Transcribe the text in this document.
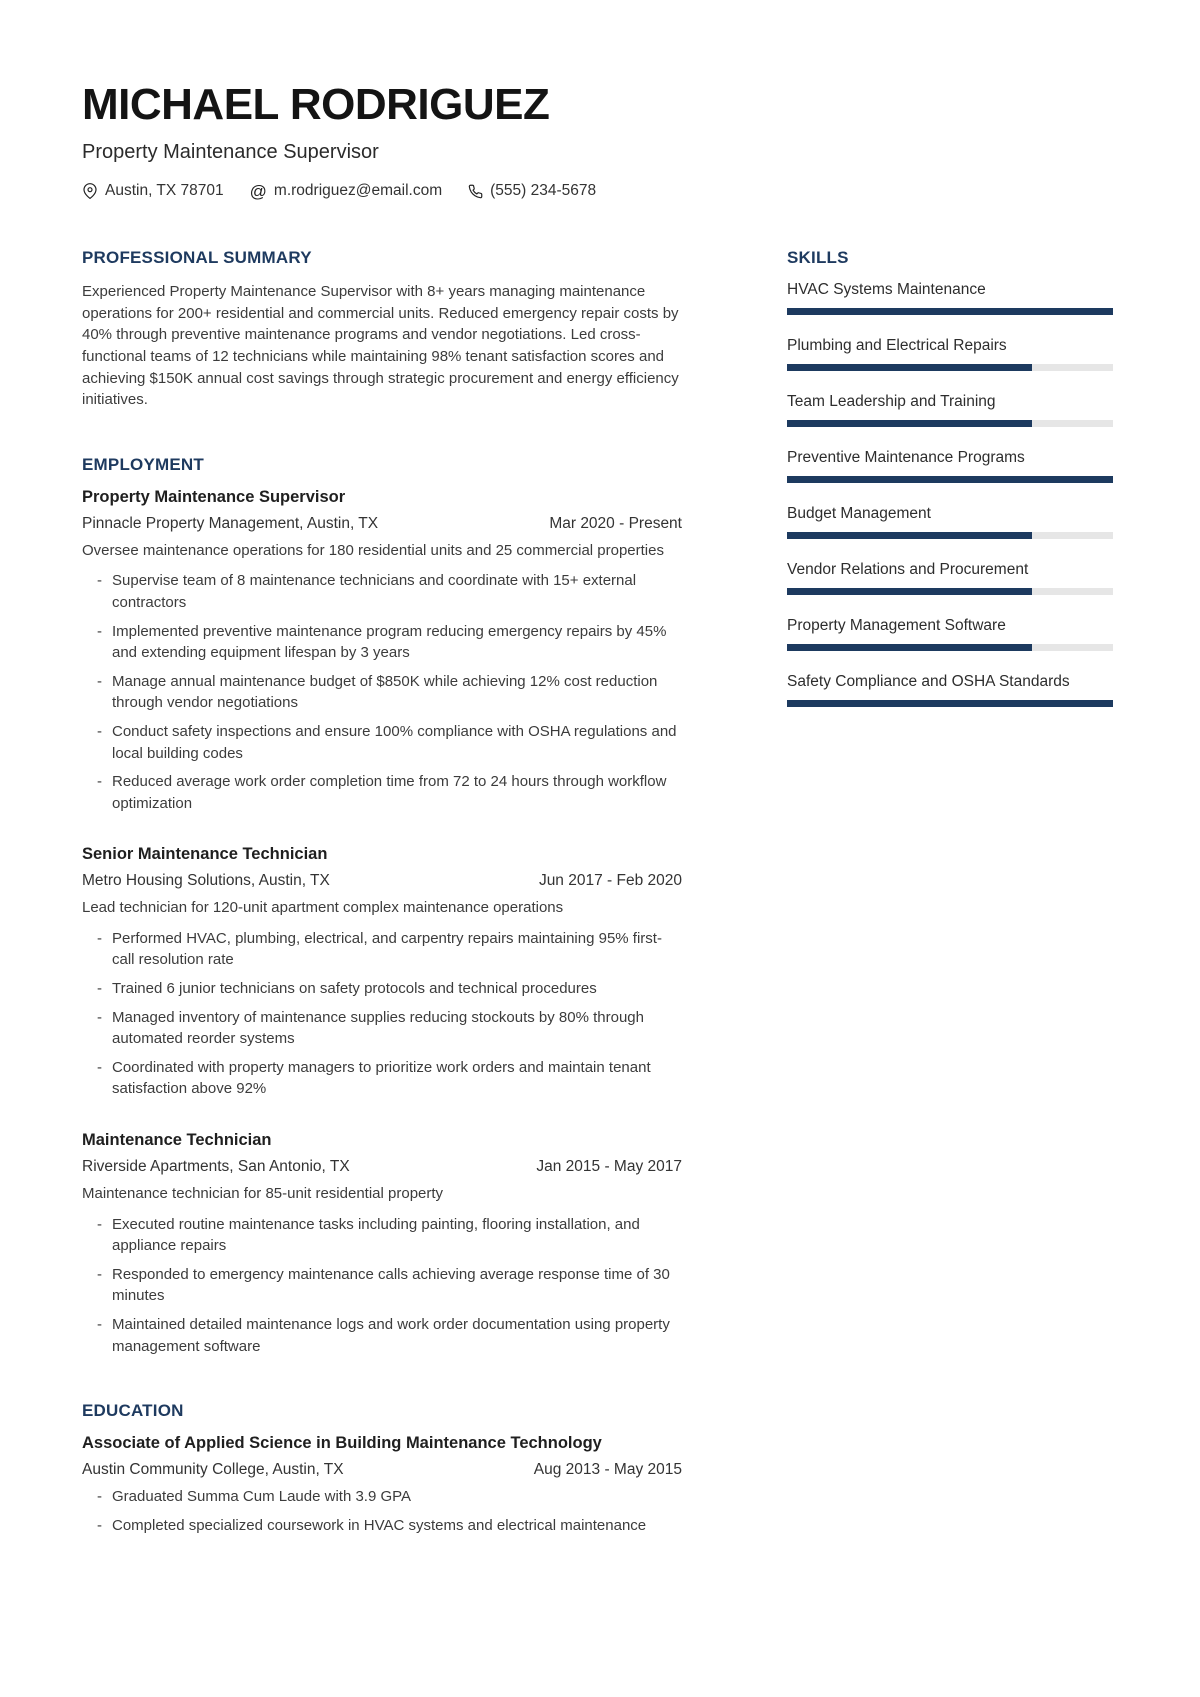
MICHAEL RODRIGUEZ
Property Maintenance Supervisor
Austin, TX 78701 @ m.rodriguez@email.com	(555) 234-5678
PROFESSIONAL SUMMARY

Experienced Property Maintenance Supervisor with 8+ years managing maintenance operations for 200+ residential and commercial units. Reduced emergency repair costs by 40% through preventive maintenance programs and vendor negotiations. Led cross-functional teams of 12 technicians while maintaining 98% tenant satisfaction scores and achieving $150K annual cost savings through strategic procurement and energy efficiency initiatives.

EMPLOYMENT
Property Maintenance Supervisor
Pinnacle Property Management, Austin, TX	Mar 2020 - Present

Oversee maintenance operations for 180 residential units and 25 commercial properties

- Supervise team of 8 maintenance technicians and coordinate with 15+ external contractors
- Implemented preventive maintenance program reducing emergency repairs by 45% and extending equipment lifespan by 3 years
- Manage annual maintenance budget of $850K while achieving 12% cost reduction through vendor negotiations
- Conduct safety inspections and ensure 100% compliance with OSHA regulations and local building codes
- Reduced average work order completion time from 72 to 24 hours through workflow optimization
Senior Maintenance Technician
Metro Housing Solutions, Austin, TX	Jun 2017 - Feb 2020

Lead technician for 120-unit apartment complex maintenance operations

- Performed HVAC, plumbing, electrical, and carpentry repairs maintaining 95% first-call resolution rate
- Trained 6 junior technicians on safety protocols and technical procedures
- Managed inventory of maintenance supplies reducing stockouts by 80% through automated reorder systems
- Coordinated with property managers to prioritize work orders and maintain tenant satisfaction above 92%
Maintenance Technician
Riverside Apartments, San Antonio, TX	Jan 2015 - May 2017

Maintenance technician for 85-unit residential property

- Executed routine maintenance tasks including painting, flooring installation, and appliance repairs
- Responded to emergency maintenance calls achieving average response time of 30 minutes
- Maintained detailed maintenance logs and work order documentation using property management software
EDUCATION
Associate of Applied Science in Building Maintenance Technology
Austin Community College, Austin, TX	Aug 2013 - May 2015
- Graduated Summa Cum Laude with 3.9 GPA
- Completed specialized coursework in HVAC systems and electrical maintenance
SKILLS
HVAC Systems Maintenance
Plumbing and Electrical Repairs
Team Leadership and Training
Preventive Maintenance Programs
Budget Management
Vendor Relations and Procurement
Property Management Software
Safety Compliance and OSHA Standards
